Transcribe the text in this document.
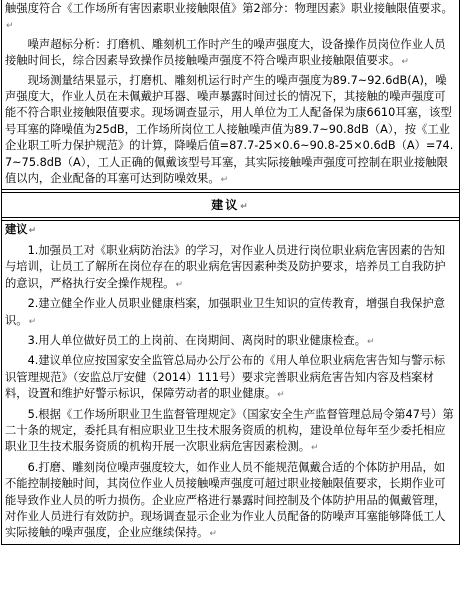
触强度符合《工作场所有害因素职业接触限值》第2部分：物理因素》职业接触限值要求。↵

噪声超标分析：打磨机、雕刻机工作时产生的噪声强度大，设备操作员岗位作业人员接触时间长，综合因素导致操作员接触噪声强度不符合噪声职业接触限值要求。↵

现场测量结果显示，打磨机、雕刻机运行时产生的噪声强度为89.7~92.6dB(A)，噪声强度大，作业人员在未佩戴护耳器、噪声暴露时间过长的情况下，其接触的噪声强度可能不符合职业接触限值要求。现场调查显示，用人单位为工人配备保为康6610耳塞，该型号耳塞的降噪值为25dB，工作场所岗位工人接触噪声值为89.7~90.8dB（A），按《工业企业职工听力保护规范》的计算，降噪后值=87.7-25×0.6~90.8-25×0.6dB（A）=74.7~75.8dB（A），工人正确的佩戴该型号耳塞，其实际接触噪声强度可控制在职业接触限值以内，企业配备的耳塞可达到防噪效果。↵

建议↵

建议↵

1.加强员工对《职业病防治法》的学习，对作业人员进行岗位职业病危害因素的告知与培训，让员工了解所在岗位存在的职业病危害因素种类及防护要求，培养员工自我防护的意识，严格执行安全操作规程。↵

2.建立健全作业人员职业健康档案，加强职业卫生知识的宣传教育，增强自我保护意识。↵

3.用人单位做好员工的上岗前、在岗期间、离岗时的职业健康检查。↵

4.建议单位应按国家安全监管总局办公厅公布的《用人单位职业病危害告知与警示标识管理规范》（安监总厅安健（2014）111号）要求完善职业病危害告知内容及档案材料，设置和维护好警示标识，保障劳动者的职业健康。↵

5.根据《工作场所职业卫生监督管理规定》（国家安全生产监督管理总局令第47号）第二十条的规定，委托具有相应职业卫生技术服务资质的机构，建设单位每年至少委托相应职业卫生技术服务资质的机构开展一次职业病危害因素检测。↵

6.打磨、雕刻岗位噪声强度较大，如作业人员不能规范佩戴合适的个体防护用品，如不能控制接触时间，其岗位作业人员接触噪声强度可超过职业接触限值要求，长期作业可能导致作业人员的听力损伤。企业应严格进行暴露时间控制及个体防护用品的佩戴管理，对作业人员进行有效防护。现场调查显示企业为作业人员配备的防噪声耳塞能够降低工人实际接触的噪声强度，企业应继续保持。↵
